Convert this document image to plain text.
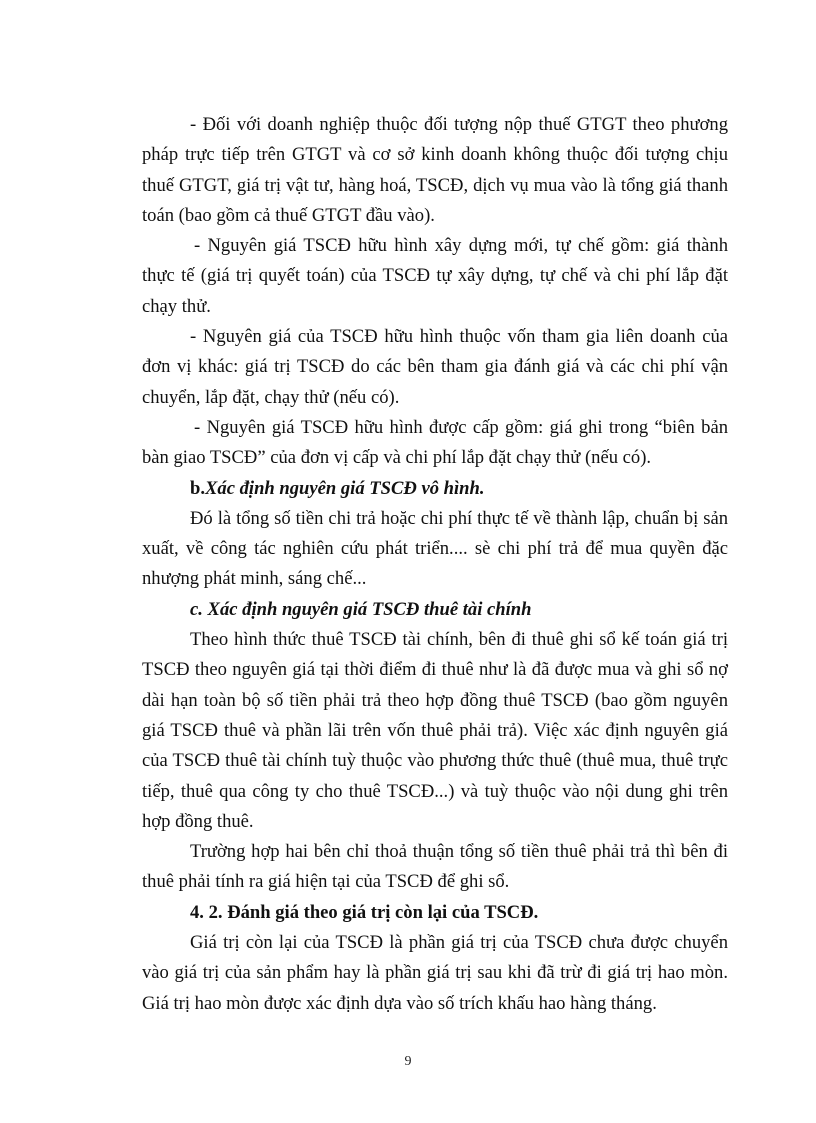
- Đối với doanh nghiệp thuộc đối tượng nộp thuế GTGT theo phương pháp trực tiếp trên GTGT và cơ sở kinh doanh không thuộc đối tượng chịu thuế GTGT, giá trị vật tư, hàng hoá, TSCĐ, dịch vụ mua vào là tổng giá thanh toán (bao gồm cả thuế GTGT đầu vào).

- Nguyên giá TSCĐ hữu hình xây dựng mới, tự chế gồm: giá thành thực tế (giá trị quyết toán) của TSCĐ tự xây dựng, tự chế và chi phí lắp đặt chạy thử.

- Nguyên giá của TSCĐ hữu hình thuộc vốn tham gia liên doanh của đơn vị khác: giá trị TSCĐ do các bên tham gia đánh giá và các chi phí vận chuyển, lắp đặt, chạy thử (nếu có).

- Nguyên giá TSCĐ hữu hình được cấp gồm: giá ghi trong “biên bản bàn giao TSCĐ” của đơn vị cấp và chi phí lắp đặt chạy thử (nếu có).

b.Xác định nguyên giá TSCĐ vô hình.

Đó là tổng số tiền chi trả hoặc chi phí thực tế về thành lập, chuẩn bị sản xuất, về công tác nghiên cứu phát triển.... sè chi phí trả để mua quyền đặc nhượng phát minh, sáng chế...

c. Xác định nguyên giá TSCĐ thuê tài chính

Theo hình thức thuê TSCĐ tài chính, bên đi thuê ghi sổ kế toán giá trị TSCĐ theo nguyên giá tại thời điểm đi thuê như là đã được mua và ghi sổ nợ dài hạn toàn bộ số tiền phải trả theo hợp đồng thuê TSCĐ (bao gồm nguyên giá TSCĐ thuê và phần lãi trên vốn thuê phải trả). Việc xác định nguyên giá của TSCĐ thuê tài chính tuỳ thuộc vào phương thức thuê (thuê mua, thuê trực tiếp, thuê qua công ty cho thuê TSCĐ...) và tuỳ thuộc vào nội dung ghi trên hợp đồng thuê.

Trường hợp hai bên chỉ thoả thuận tổng số tiền thuê phải trả thì bên đi thuê phải tính ra giá hiện tại của TSCĐ để ghi sổ.

4. 2. Đánh giá theo giá trị còn lại của TSCĐ.

Giá trị còn lại của TSCĐ là phần giá trị của TSCĐ chưa được chuyển vào giá trị của sản phẩm hay là phần giá trị sau khi đã trừ đi giá trị hao mòn. Giá trị hao mòn được xác định dựa vào số trích khấu hao hàng tháng.

9
